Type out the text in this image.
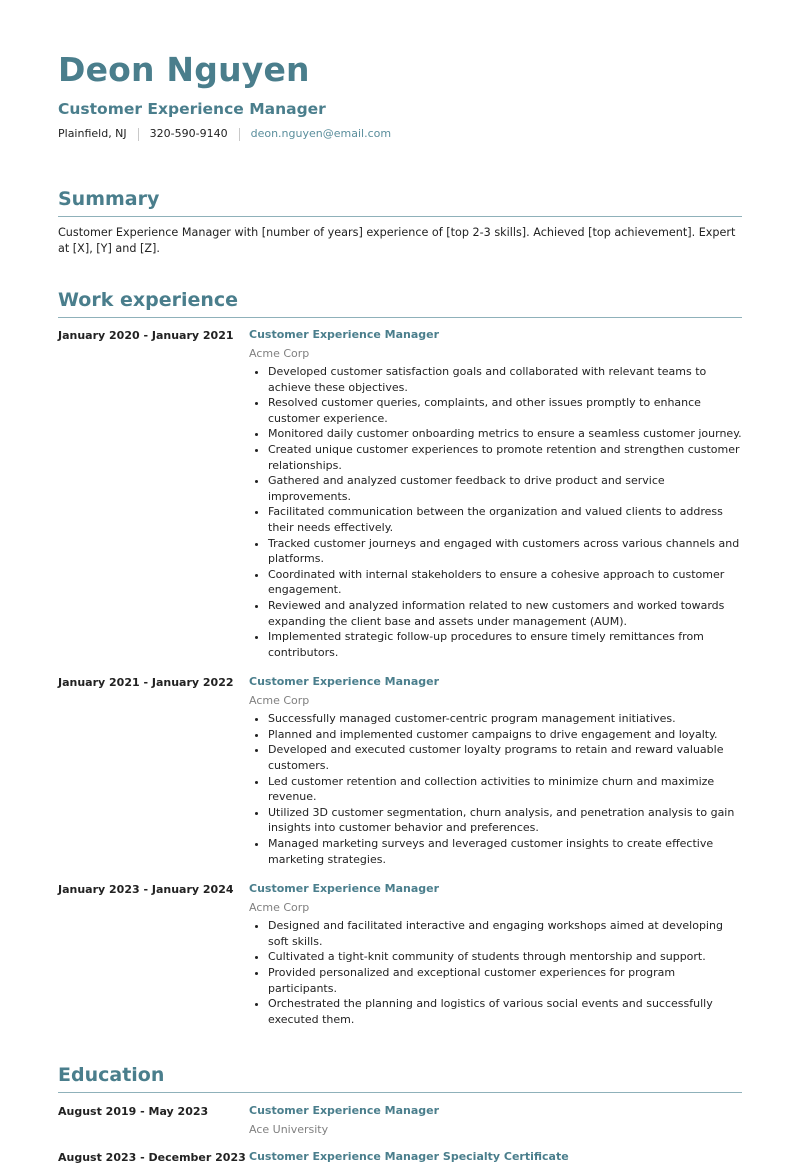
Deon Nguyen
Customer Experience Manager
Plainfield, NJ 320-590-9140 deon.nguyen@email.com
Summary
Customer Experience Manager with [number of years] experience of [top 2-3 skills]. Achieved [top achievement]. Expert at [X], [Y] and [Z].
Work experience
January 2020 - January 2021	Customer Experience Manager
Acme Corp
• Developed customer satisfaction goals and collaborated with relevant teams to achieve these objectives.
• Resolved customer queries, complaints, and other issues promptly to enhance customer experience.
• Monitored daily customer onboarding metrics to ensure a seamless customer journey.
• Created unique customer experiences to promote retention and strengthen customer relationships.
• Gathered and analyzed customer feedback to drive product and service improvements.
• Facilitated communication between the organization and valued clients to address their needs effectively.
• Tracked customer journeys and engaged with customers across various channels and platforms.
• Coordinated with internal stakeholders to ensure a cohesive approach to customer engagement.
• Reviewed and analyzed information related to new customers and worked towards expanding the client base and assets under management (AUM).
• Implemented strategic follow-up procedures to ensure timely remittances from contributors.
January 2021 - January 2022	Customer Experience Manager
Acme Corp
• Successfully managed customer-centric program management initiatives.
• Planned and implemented customer campaigns to drive engagement and loyalty.
• Developed and executed customer loyalty programs to retain and reward valuable customers.
• Led customer retention and collection activities to minimize churn and maximize revenue.
• Utilized 3D customer segmentation, churn analysis, and penetration analysis to gain insights into customer behavior and preferences.
• Managed marketing surveys and leveraged customer insights to create effective marketing strategies.
January 2023 - January 2024	Customer Experience Manager
Acme Corp
• Designed and facilitated interactive and engaging workshops aimed at developing soft skills.
• Cultivated a tight-knit community of students through mentorship and support.
• Provided personalized and exceptional customer experiences for program participants.
• Orchestrated the planning and logistics of various social events and successfully executed them.
Education
August 2019 - May 2023	Customer Experience Manager
Ace University
August 2023 - December 2023 Customer Experience Manager Specialty Certificate
